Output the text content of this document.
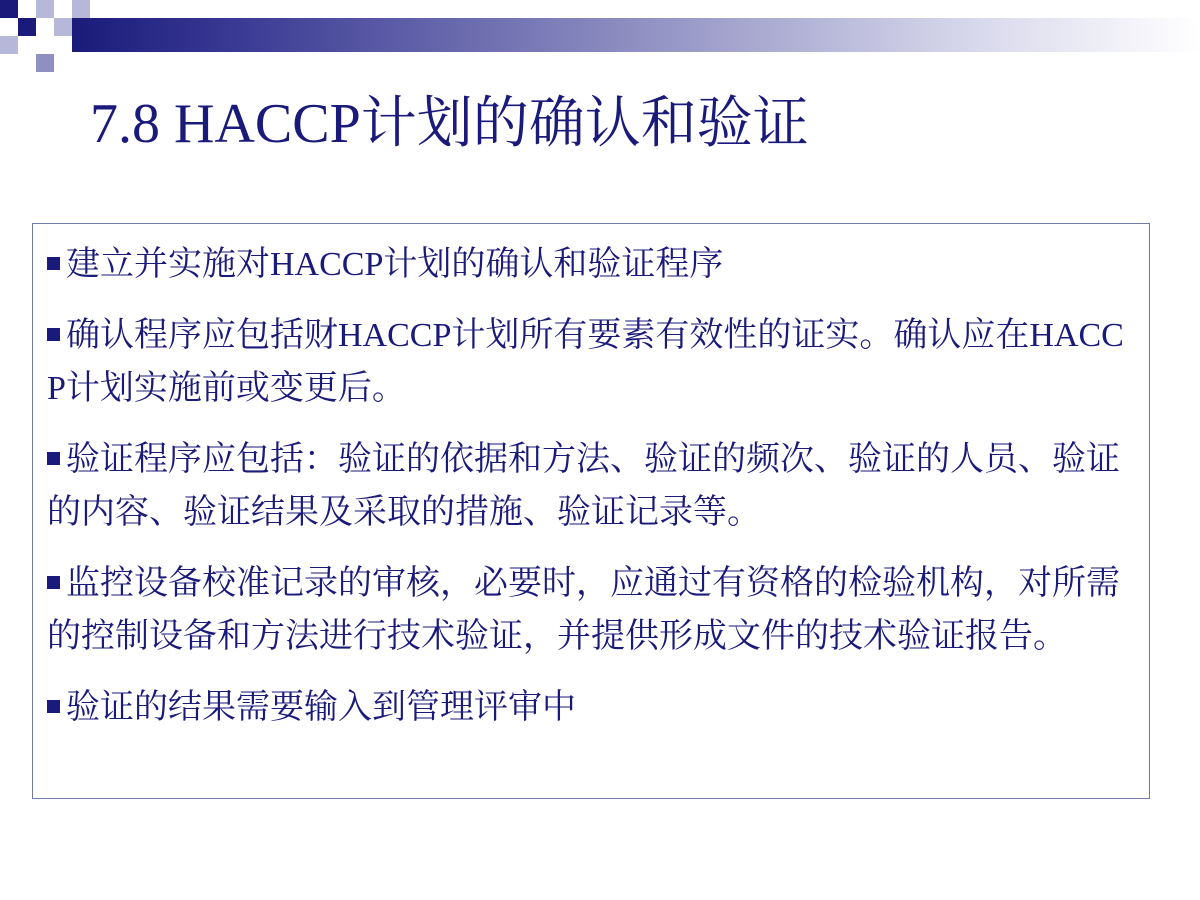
7.8 HACCP计划的确认和验证
建立并实施对HACCP计划的确认和验证程序
确认程序应包括财HACCP计划所有要素有效性的证实。确认应在HACCP计划实施前或变更后。
验证程序应包括：验证的依据和方法、验证的频次、验证的人员、验证的内容、验证结果及采取的措施、验证记录等。
监控设备校准记录的审核，必要时，应通过有资格的检验机构，对所需的控制设备和方法进行技术验证，并提供形成文件的技术验证报告。
验证的结果需要输入到管理评审中
